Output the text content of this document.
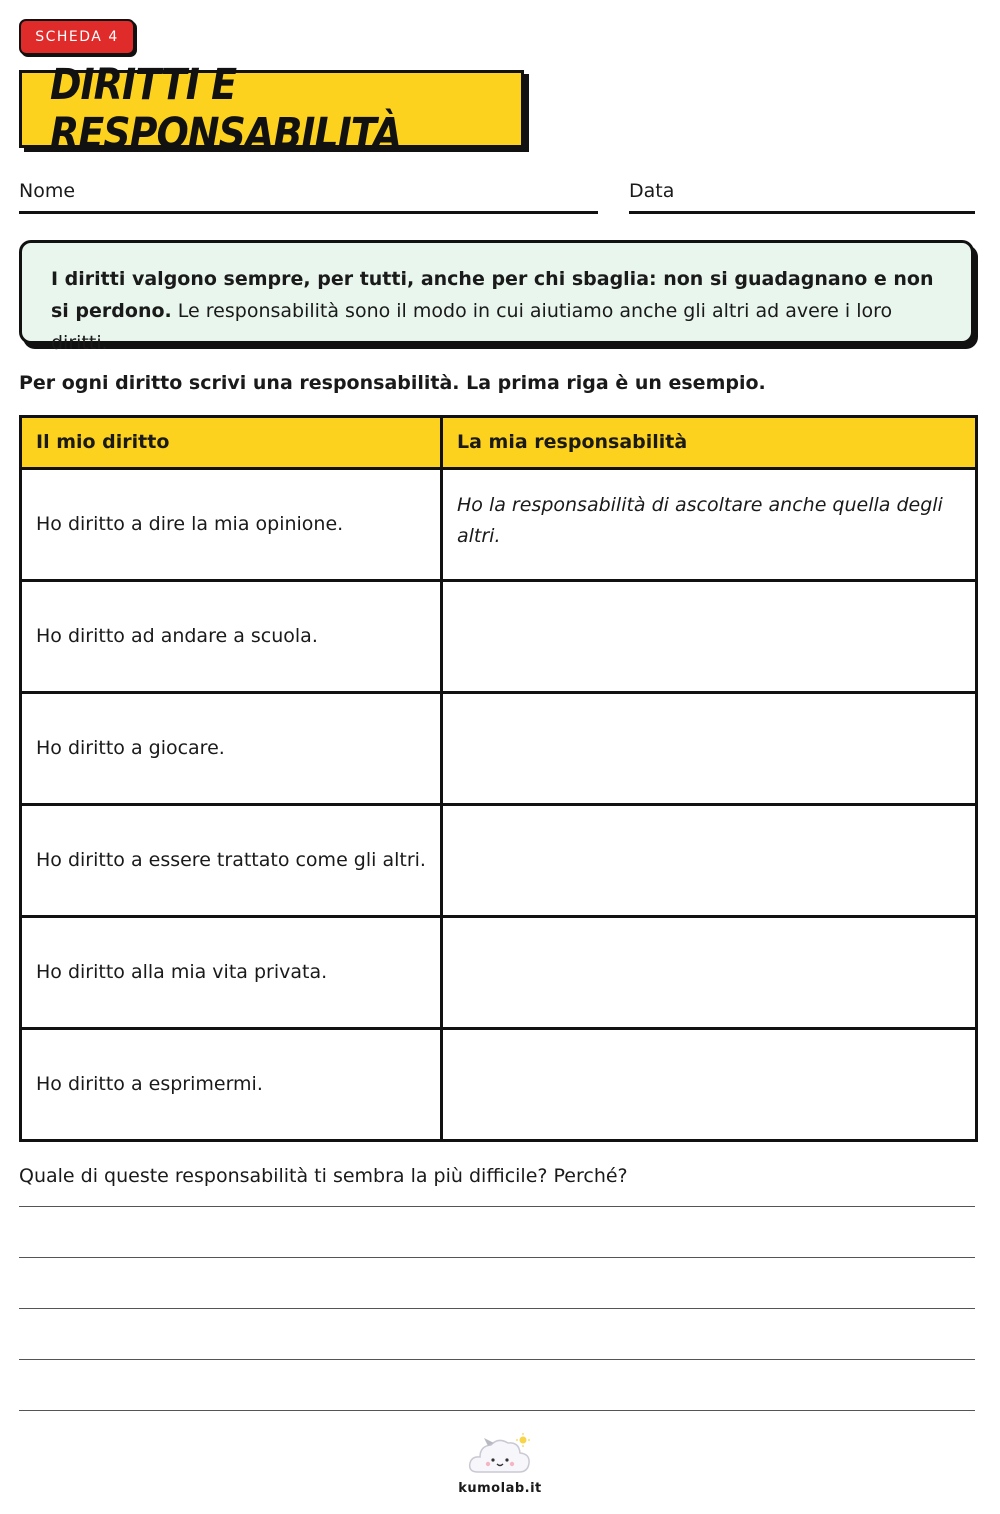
SCHEDA 4
DIRITTI E RESPONSABILITÀ
Nome	Data
I diritti valgono sempre, per tutti, anche per chi sbaglia: non si guadagnano e non si perdono. Le responsabilità sono il modo in cui aiutiamo anche gli altri ad avere i loro diritti.
Per ogni diritto scrivi una responsabilità. La prima riga è un esempio.
Il mio diritto	La mia responsabilità
Ho diritto a dire la mia opinione.	Ho la responsabilità di ascoltare anche quella degli altri.
Ho diritto ad andare a scuola.	
Ho diritto a giocare.	
Ho diritto a essere trattato come gli altri.	
Ho diritto alla mia vita privata.	
Ho diritto a esprimermi.	
Quale di queste responsabilità ti sembra la più difficile? Perché?
kumolab.it
